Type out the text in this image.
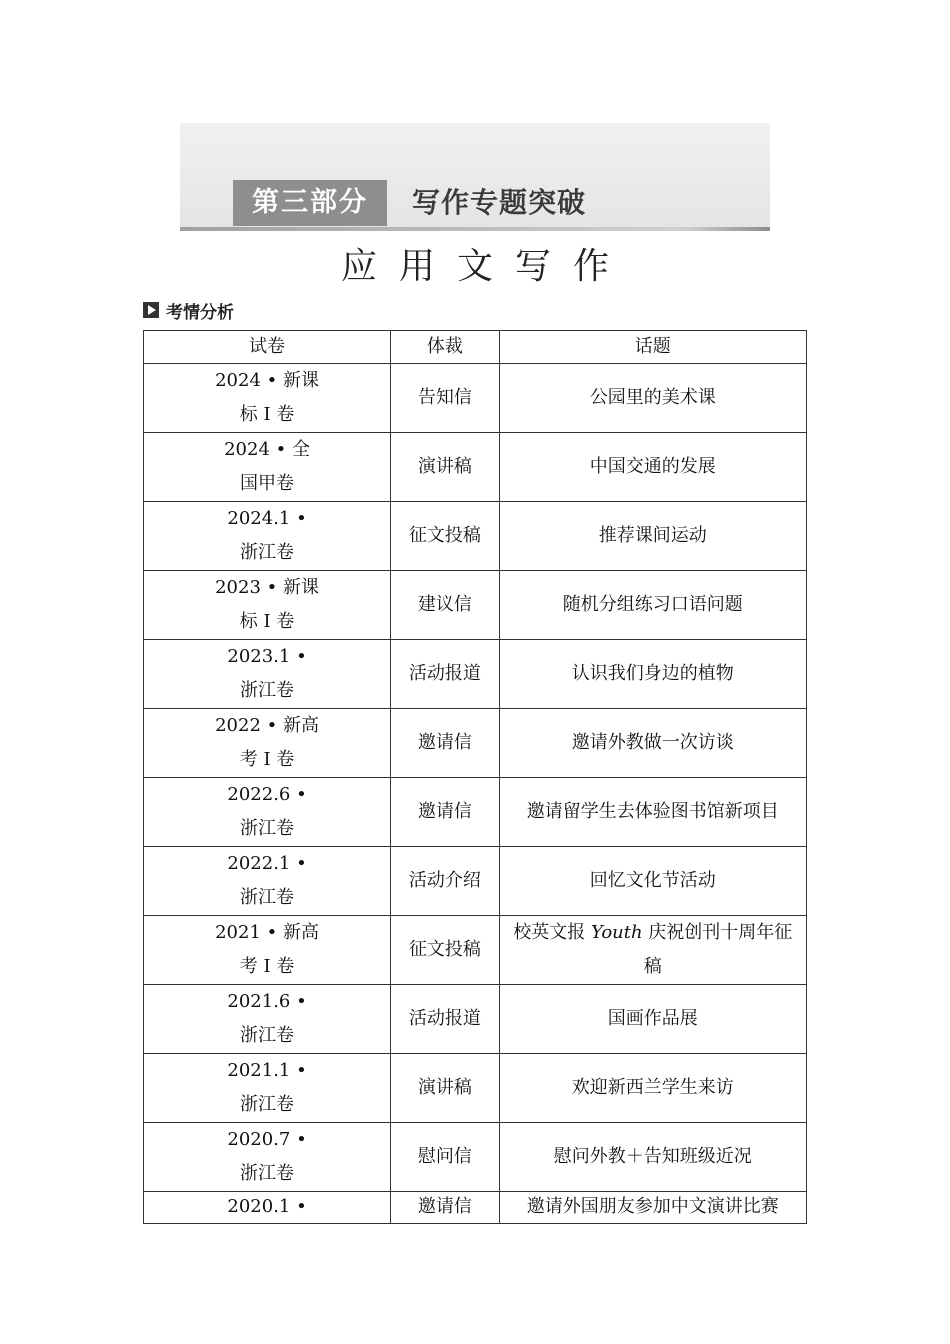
第三部分	写作专题突破
应用文写作
考情分析
试卷	体裁	话题

2024 • 新课
标 I 卷	告知信	公园里的美术课

2024 • 全
国甲卷	演讲稿	中国交通的发展

2024.1 •
浙江卷	征文投稿	推荐课间运动

2023 • 新课
标 I 卷	建议信	随机分组练习口语问题

2023.1 •
浙江卷	活动报道	认识我们身边的植物

2022 • 新高
考 I 卷	邀请信	邀请外教做一次访谈

2022.6 •
浙江卷	邀请信	邀请留学生去体验图书馆新项目

2022.1 •
浙江卷	活动介绍	回忆文化节活动

2021 • 新高
考 I 卷	征文投稿	校英文报 Youth 庆祝创刊十周年征稿

2021.6 •
浙江卷	活动报道	国画作品展

2021.1 •
浙江卷	演讲稿	欢迎新西兰学生来访

2020.7 •
浙江卷	慰问信	慰问外教＋告知班级近况

2020.1 •	邀请信	邀请外国朋友参加中文演讲比赛
